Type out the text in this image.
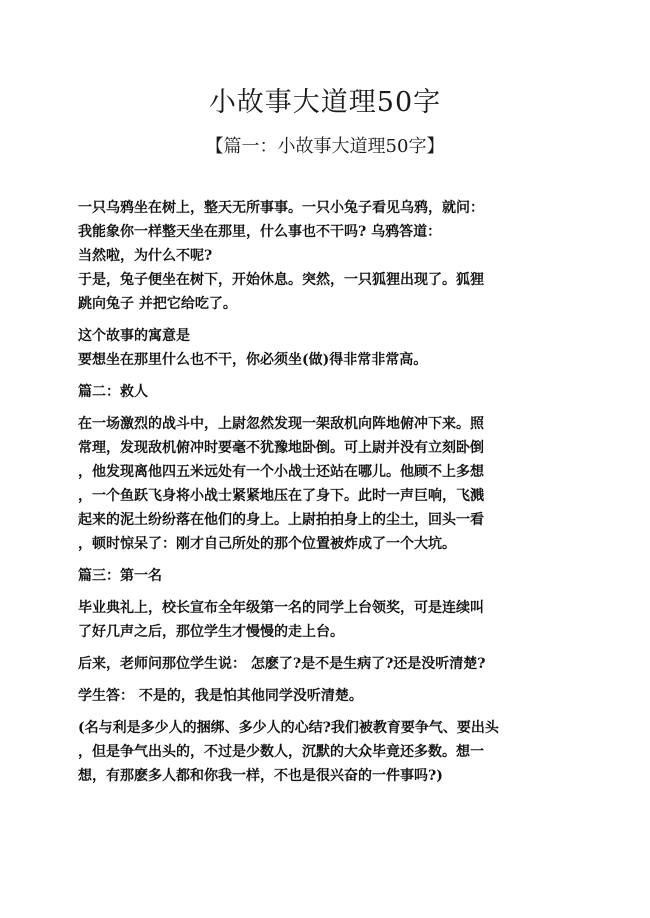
小故事大道理50字
【篇一：小故事大道理50字】
一只乌鸦坐在树上，整天无所事事。一只小兔子看见乌鸦，就问：
我能象你一样整天坐在那里，什么事也不干吗? 乌鸦答道：
当然啦，为什么不呢?
于是，兔子便坐在树下，开始休息。突然，一只狐狸出现了。狐狸
跳向兔子 并把它给吃了。
这个故事的寓意是
要想坐在那里什么也不干，你必须坐(做)得非常非常高。
篇二：救人
在一场激烈的战斗中，上尉忽然发现一架敌机向阵地俯冲下来。照
常理，发现敌机俯冲时要毫不犹豫地卧倒。可上尉并没有立刻卧倒
，他发现离他四五米远处有一个小战士还站在哪儿。他顾不上多想
，一个鱼跃飞身将小战士紧紧地压在了身下。此时一声巨响，飞溅
起来的泥土纷纷落在他们的身上。上尉拍拍身上的尘土，回头一看
，顿时惊呆了：刚才自己所处的那个位置被炸成了一个大坑。
篇三：第一名
毕业典礼上，校长宣布全年级第一名的同学上台领奖，可是连续叫
了好几声之后，那位学生才慢慢的走上台。
后来，老师问那位学生说： 怎麽了?是不是生病了?还是没听清楚?
学生答： 不是的，我是怕其他同学没听清楚。
(名与利是多少人的捆绑、多少人的心结?我们被教育要争气、要出头
，但是争气出头的，不过是少数人，沉默的大众毕竟还多数。想一
想，有那麽多人都和你我一样，不也是很兴奋的一件事吗?)
